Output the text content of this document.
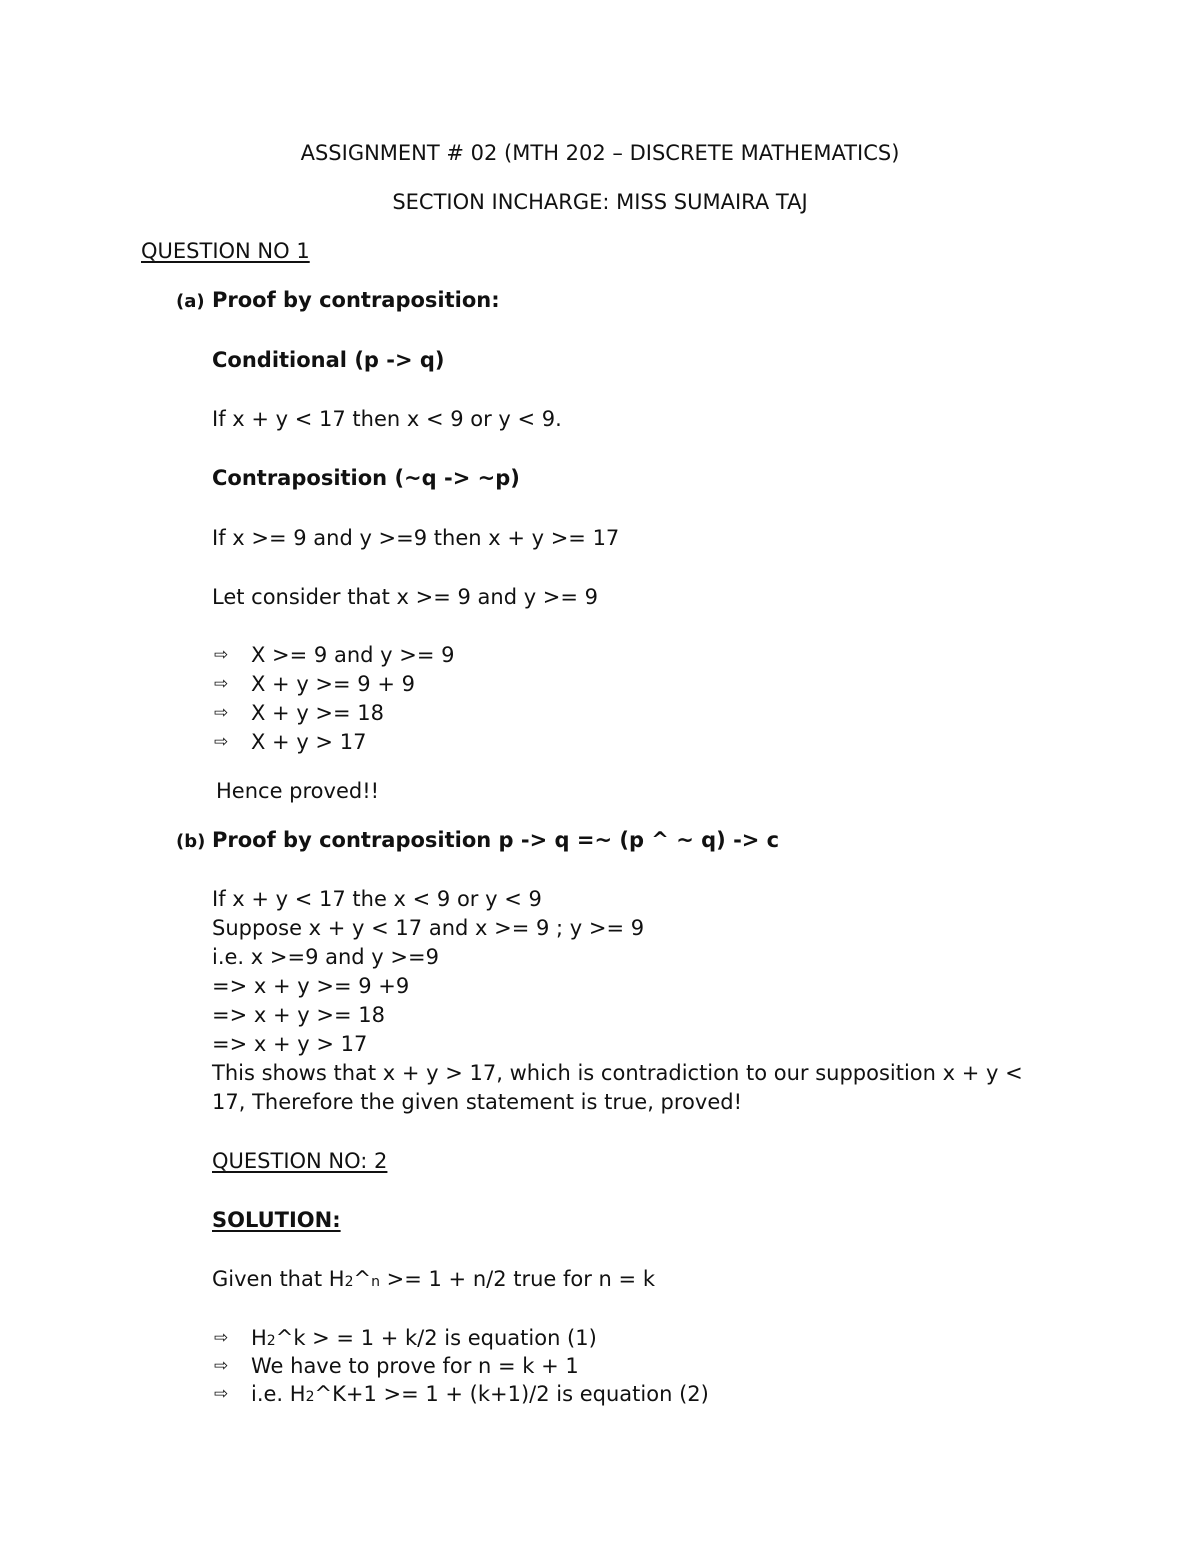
ASSIGNMENT # 02 (MTH 202 – DISCRETE MATHEMATICS)
SECTION INCHARGE: MISS SUMAIRA TAJ
QUESTION NO 1
(a) Proof by contraposition:
Conditional (p -> q)
If x + y < 17 then x < 9 or y < 9.
Contraposition (~q -> ~p)
If x >= 9 and y >=9 then x + y >= 17
Let consider that x >= 9 and y >= 9
⇨ X >= 9 and y >= 9
⇨ X + y >= 9 + 9
⇨ X + y >= 18
⇨ X + y > 17
Hence proved!!
(b) Proof by contraposition p -> q =~ (p ^ ~ q) -> c
If x + y < 17 the x < 9 or y < 9
Suppose x + y < 17 and x >= 9 ; y >= 9
i.e. x >=9 and y >=9
=> x + y >= 9 +9
=> x + y >= 18
=> x + y > 17
This shows that x + y > 17, which is contradiction to our supposition x + y <
17, Therefore the given statement is true, proved!
QUESTION NO: 2
SOLUTION:
Given that H2^n >= 1 + n/2 true for n = k
⇨ H2^k > = 1 + k/2 is equation (1)
⇨ We have to prove for n = k + 1
⇨ i.e. H2^K+1 >= 1 + (k+1)/2 is equation (2)
